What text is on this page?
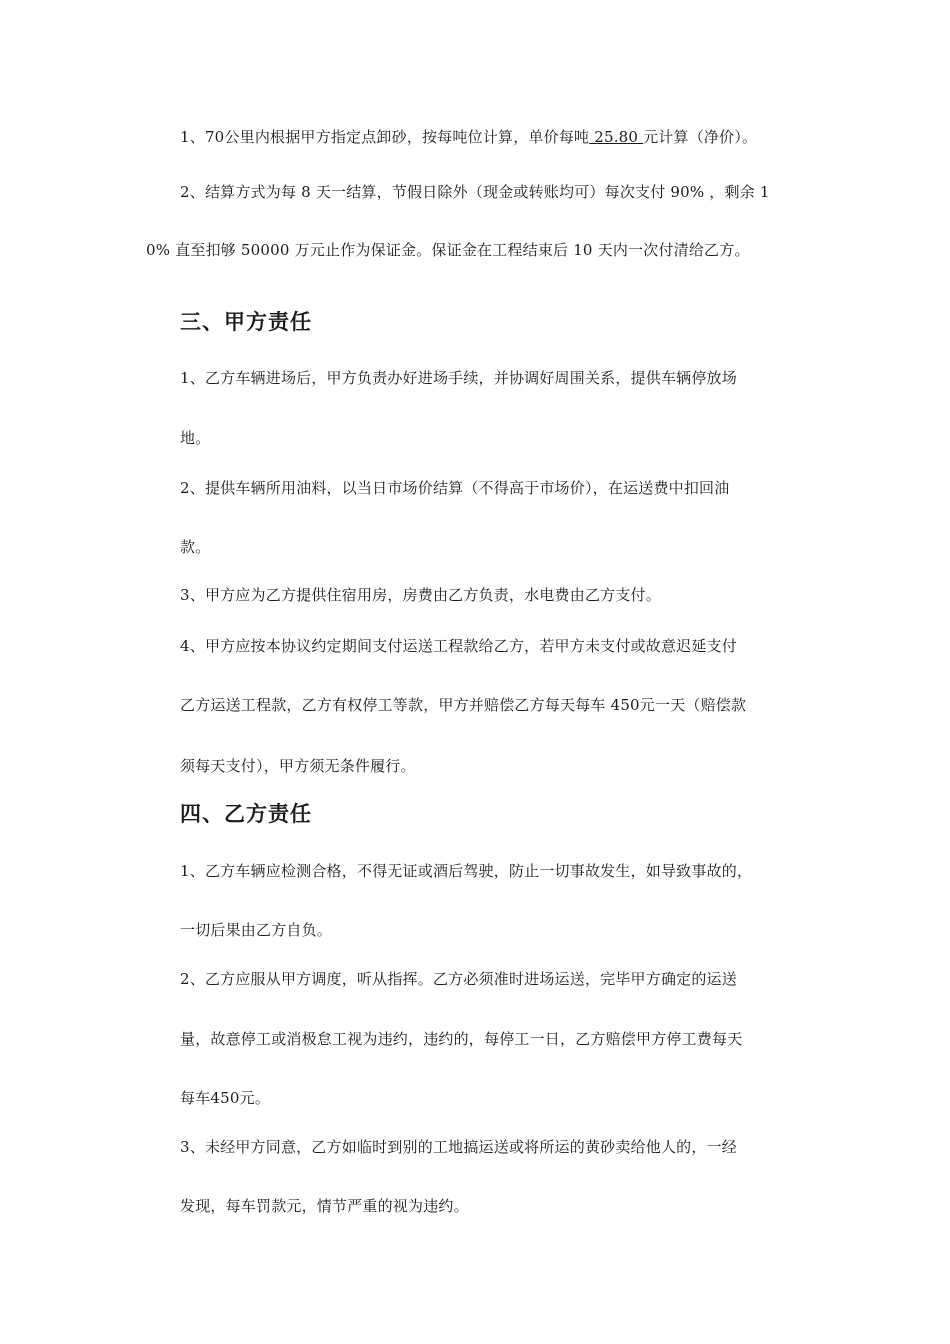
1、70公里内根据甲方指定点卸砂，按每吨位计算，单价每吨 25.80 元计算（净价）。
2、结算方式为每 8 天一结算，节假日除外（现金或转账均可）每次支付 90% ，剩余 1
0% 直至扣够 50000 万元止作为保证金。保证金在工程结束后 10 天内一次付清给乙方。
三、甲方责任
1、乙方车辆进场后，甲方负责办好进场手续，并协调好周围关系，提供车辆停放场
地。
2、提供车辆所用油料，以当日市场价结算（不得高于市场价），在运送费中扣回油
款。
3、甲方应为乙方提供住宿用房，房费由乙方负责，水电费由乙方支付。
4、甲方应按本协议约定期间支付运送工程款给乙方，若甲方未支付或故意迟延支付
乙方运送工程款，乙方有权停工等款，甲方并赔偿乙方每天每车 450元一天（赔偿款
须每天支付），甲方须无条件履行。
四、乙方责任
1、乙方车辆应检测合格，不得无证或酒后驾驶，防止一切事故发生，如导致事故的，
一切后果由乙方自负。
2、乙方应服从甲方调度，听从指挥。乙方必须准时进场运送，完毕甲方确定的运送
量，故意停工或消极怠工视为违约，违约的，每停工一日，乙方赔偿甲方停工费每天
每车450元。
3、未经甲方同意，乙方如临时到别的工地搞运送或将所运的黄砂卖给他人的，一经
发现，每车罚款元，情节严重的视为违约。
